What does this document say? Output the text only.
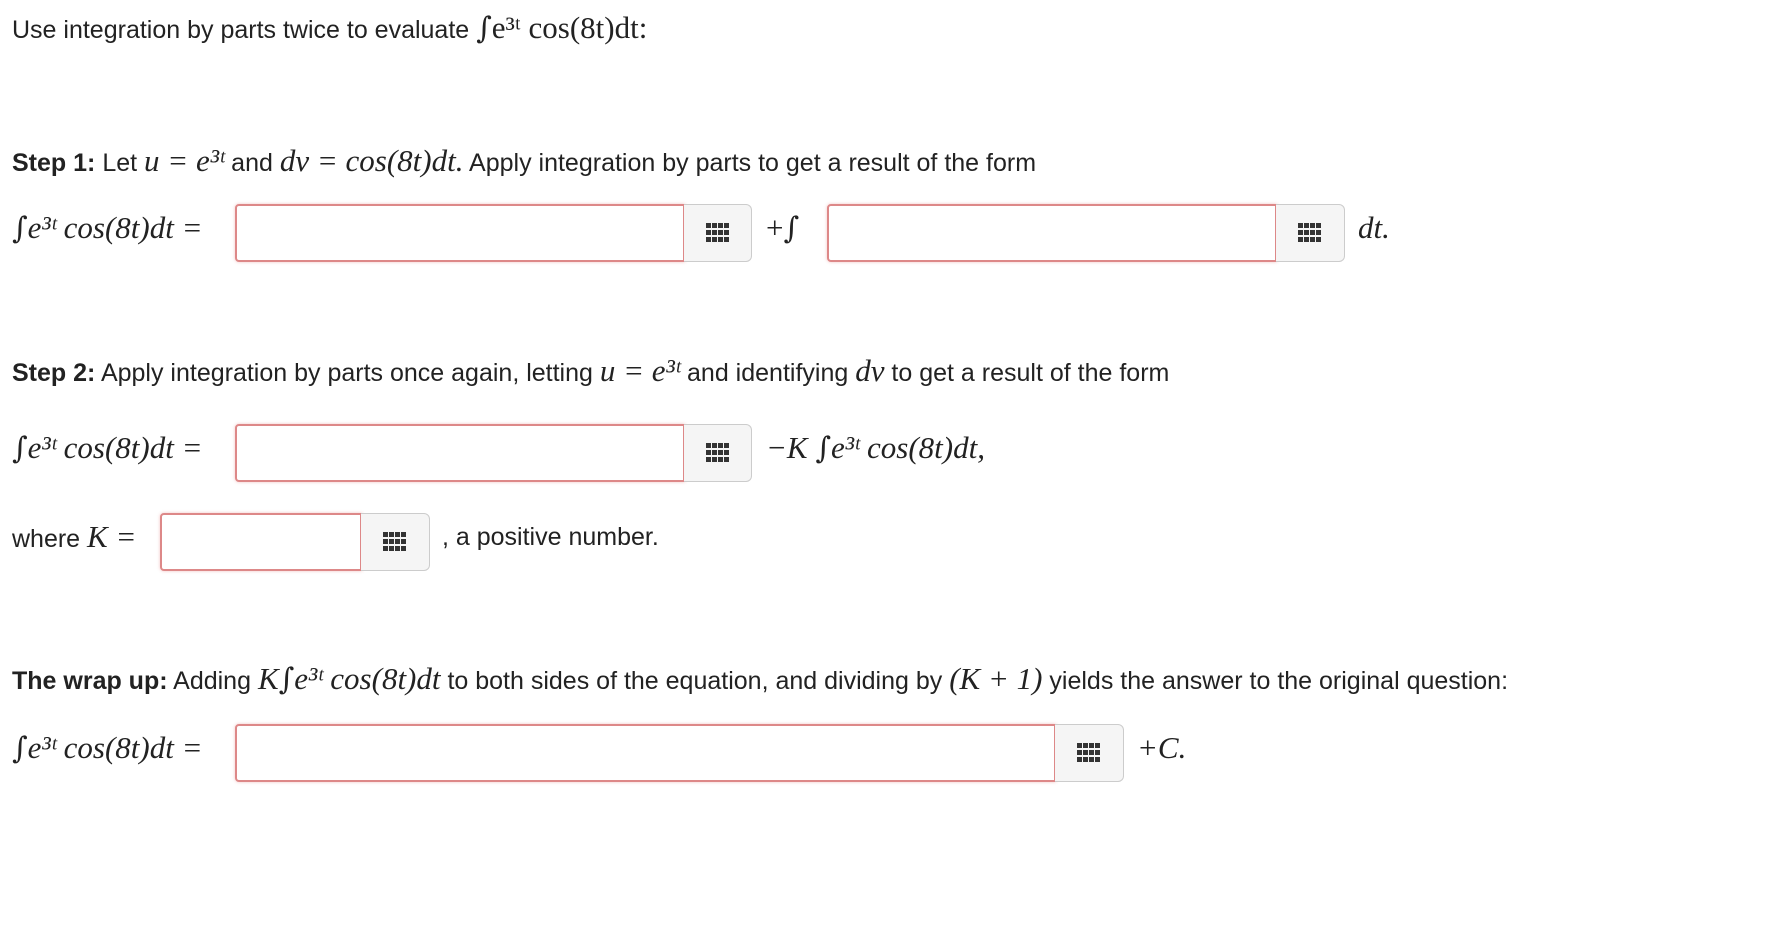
Use integration by parts twice to evaluate ∫e³ᵗ cos(8t)dt:
Step 1: Let u = e³ᵗ and dv = cos(8t)dt. Apply integration by parts to get a result of the form
∫e³ᵗ cos(8t)dt =	+∫	dt.
Step 2: Apply integration by parts once again, letting u = e³ᵗ and identifying dv to get a result of the form
∫e³ᵗ cos(8t)dt =	−K ∫e³ᵗ cos(8t)dt,
where K =	, a positive number.
The wrap up: Adding K∫e³ᵗ cos(8t)dt to both sides of the equation, and dividing by (K + 1) yields the answer to the original question:
∫e³ᵗ cos(8t)dt =	+C.
